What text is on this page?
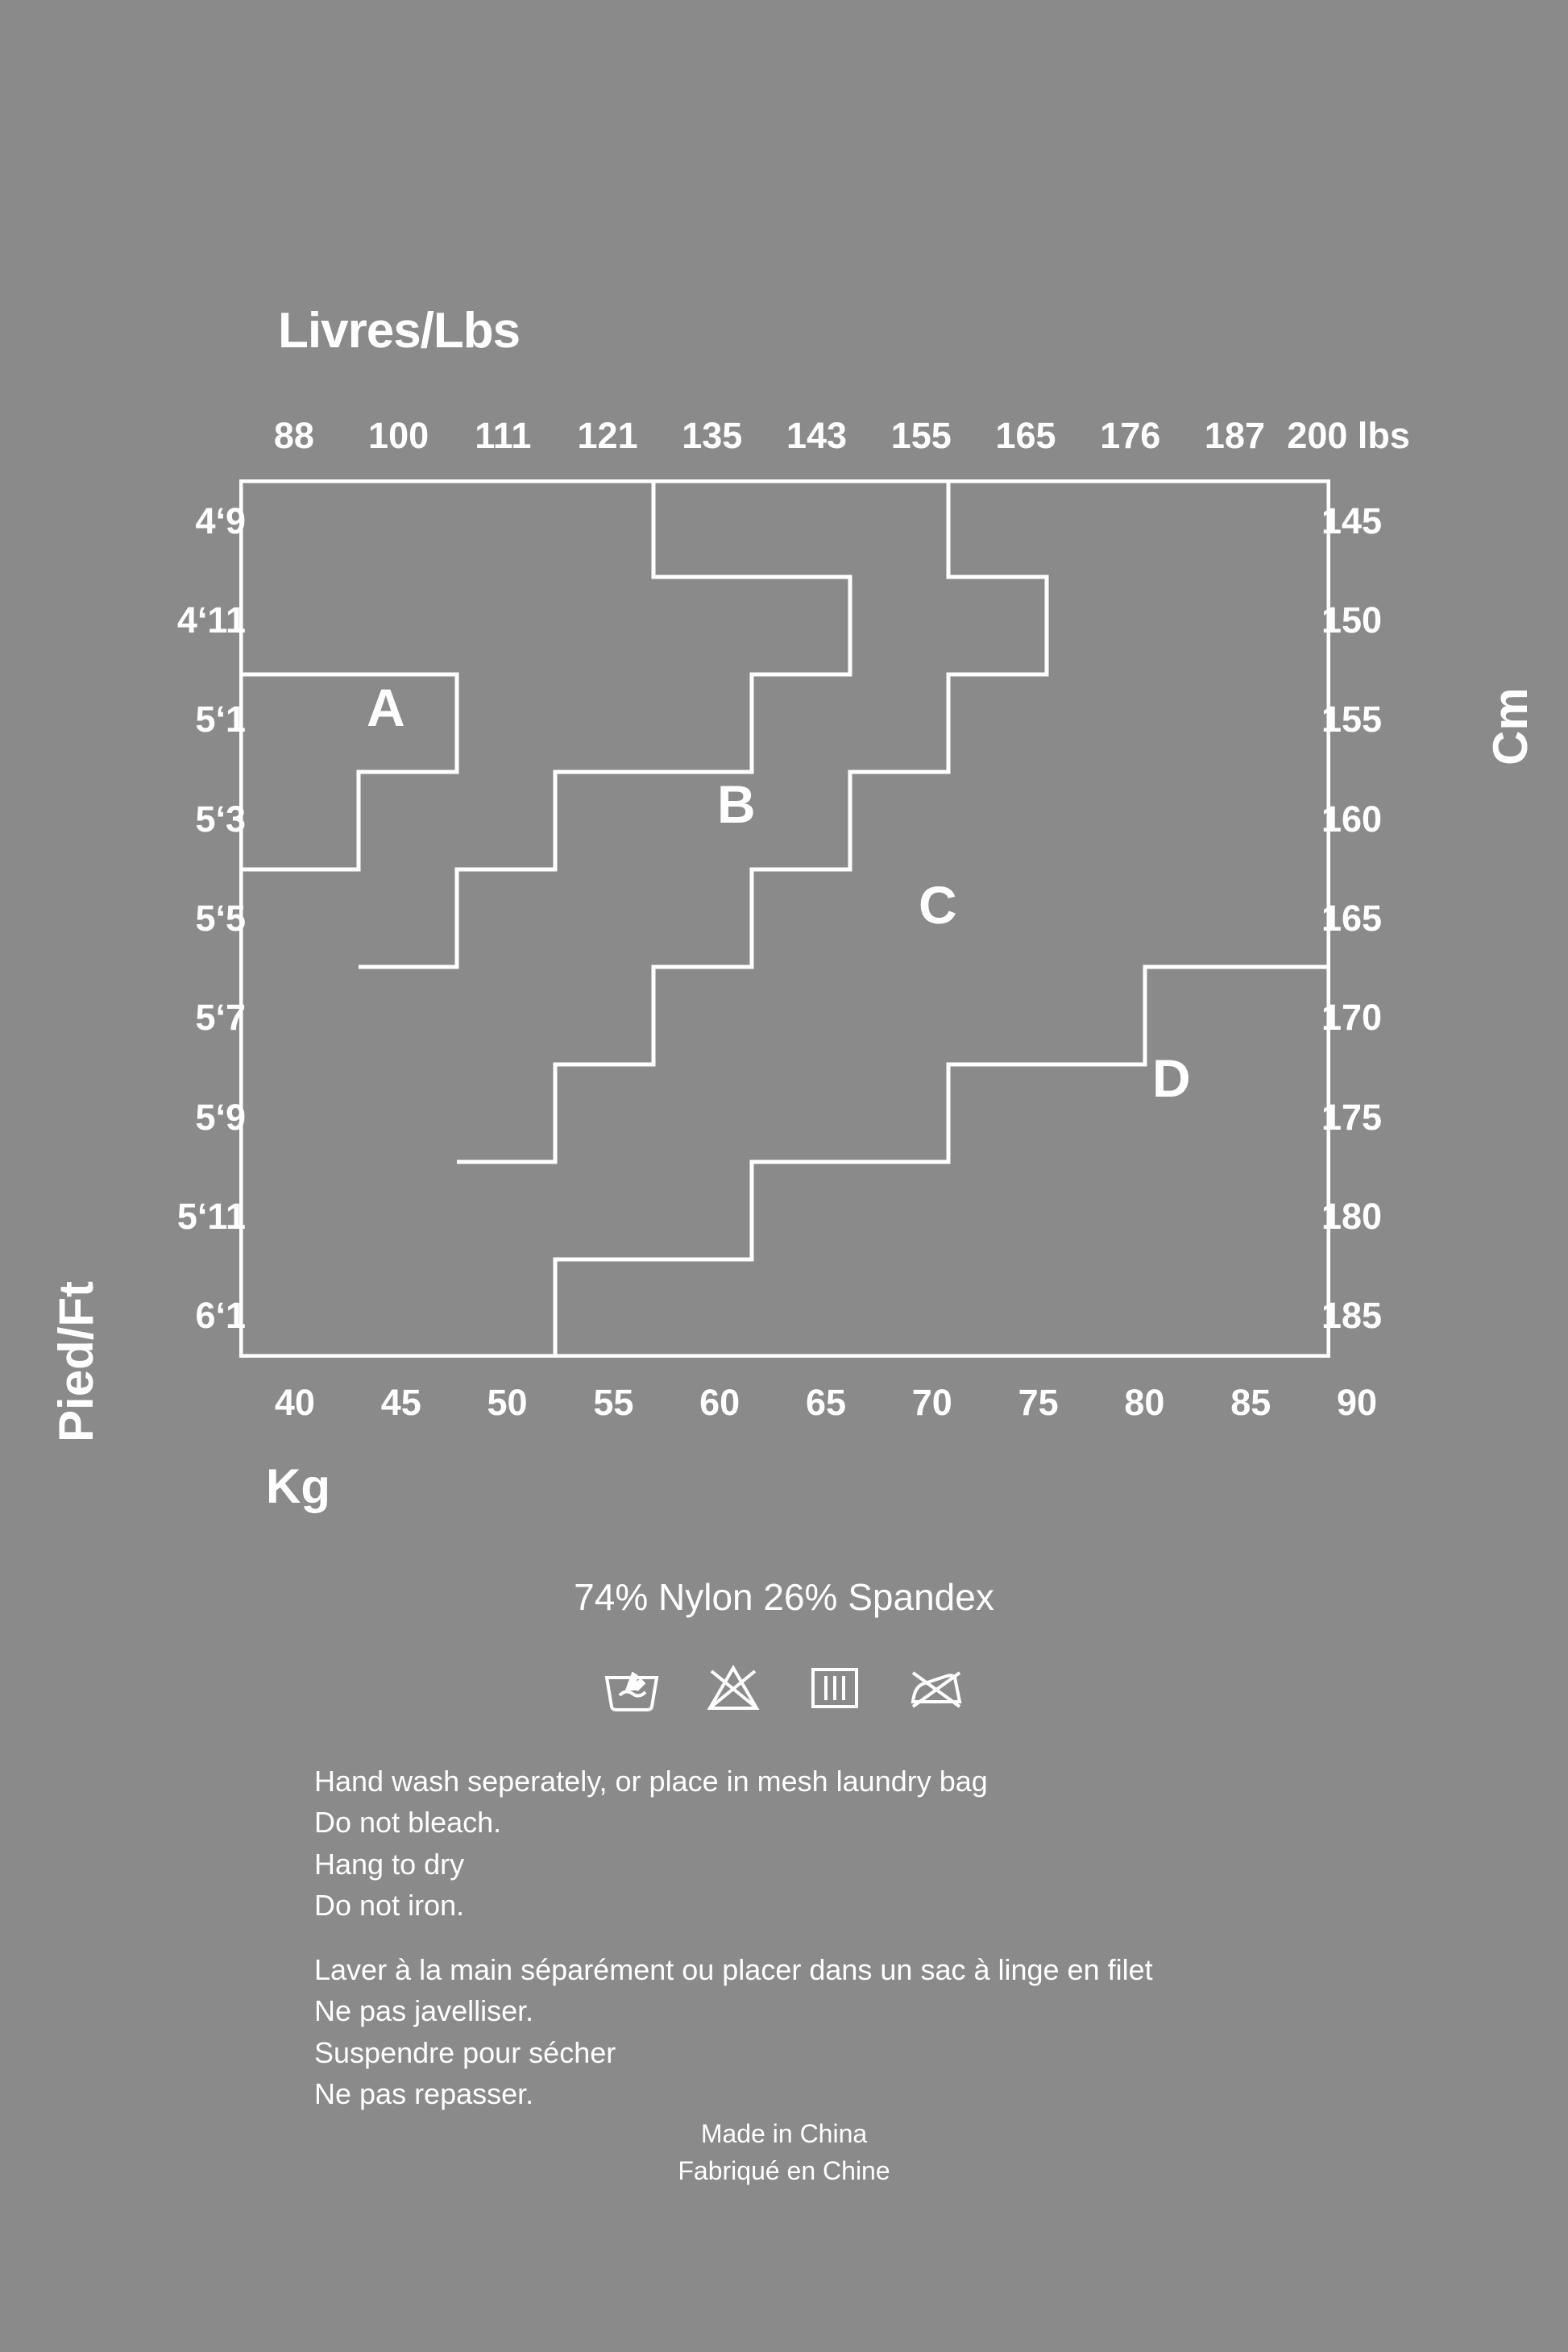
Livres/Lbs
88	100	111	121	135	143	155	165	176	187 200 lbs
4‘9
4‘11
5‘1
5‘3
5‘5
5‘7
5‘9
5‘11
6‘1
145
150
155
160
165
170
175
180
185
A
B
C
D
40	45	50	55	60	65	70	75	80	85	90
Kg
Cm
Pied/Ft
74% Nylon 26% Spandex
Hand wash seperately, or place in mesh laundry bag
Do not bleach.
Hang to dry
Do not iron.
Laver à la main séparément ou placer dans un sac à linge en filet
Ne pas javelliser.
Suspendre pour sécher
Ne pas repasser.
Made in China
Fabriqué en Chine
